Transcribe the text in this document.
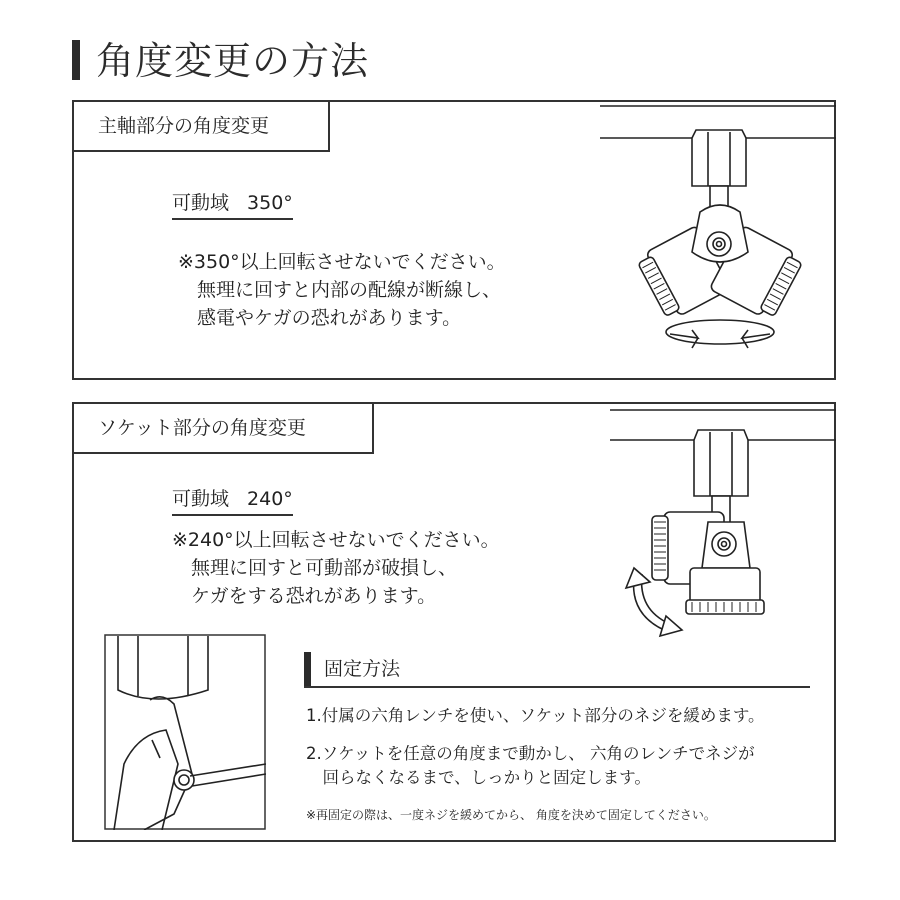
角度変更の方法
主軸部分の角度変更
可動域 350°
※350°以上回転させないでください。
　無理に回すと内部の配線が断線し、
　感電やケガの恐れがあります。
ソケット部分の角度変更
可動域 240°
※240°以上回転させないでください。
　無理に回すと可動部が破損し、
　ケガをする恐れがあります。
固定方法
1.付属の六角レンチを使い、ソケット部分のネジを緩めます。
2.ソケットを任意の角度まで動かし、 六角のレンチでネジが
　回らなくなるまで、しっかりと固定します。
※再固定の際は、一度ネジを緩めてから、 角度を決めて固定してください。
